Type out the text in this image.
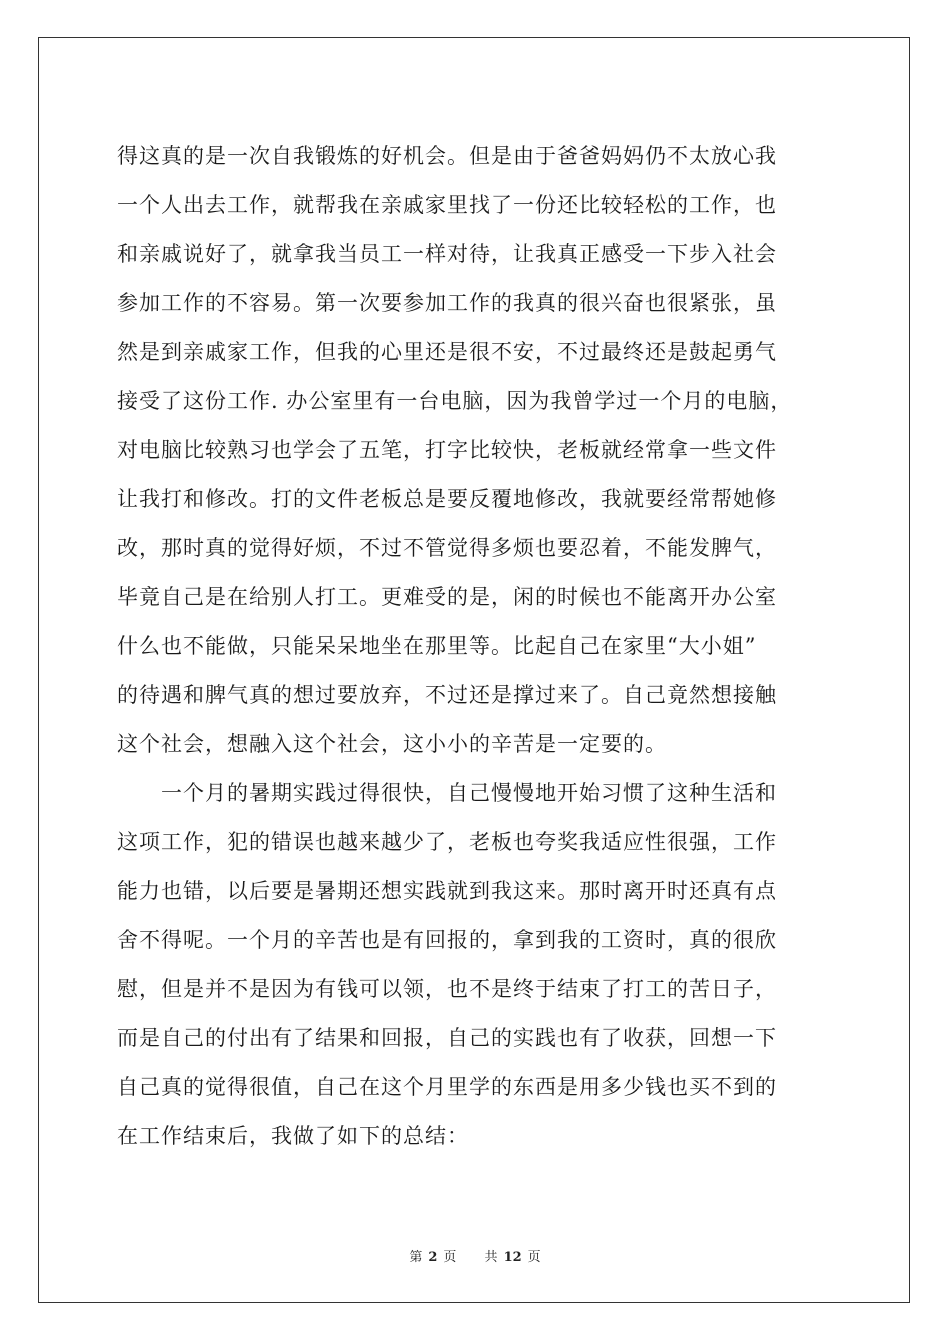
得这真的是一次自我锻炼的好机会。但是由于爸爸妈妈仍不太放心我
一个人出去工作，就帮我在亲戚家里找了一份还比较轻松的工作，也
和亲戚说好了，就拿我当员工一样对待，让我真正感受一下步入社会
参加工作的不容易。第一次要参加工作的我真的很兴奋也很紧张，虽
然是到亲戚家工作，但我的心里还是很不安，不过最终还是鼓起勇气
接受了这份工作. 办公室里有一台电脑，因为我曾学过一个月的电脑，
对电脑比较熟习也学会了五笔，打字比较快，老板就经常拿一些文件
让我打和修改。打的文件老板总是要反覆地修改，我就要经常帮她修
改，那时真的觉得好烦，不过不管觉得多烦也要忍着，不能发脾气，
毕竟自己是在给别人打工。更难受的是，闲的时候也不能离开办公室
什么也不能做，只能呆呆地坐在那里等。比起自己在家里“大小姐”
的待遇和脾气真的想过要放弃，不过还是撑过来了。自己竟然想接触
这个社会，想融入这个社会，这小小的辛苦是一定要的。
　　一个月的暑期实践过得很快，自己慢慢地开始习惯了这种生活和
这项工作，犯的错误也越来越少了，老板也夸奖我适应性很强，工作
能力也错，以后要是暑期还想实践就到我这来。那时离开时还真有点
舍不得呢。一个月的辛苦也是有回报的，拿到我的工资时，真的很欣
慰，但是并不是因为有钱可以领，也不是终于结束了打工的苦日子，
而是自己的付出有了结果和回报，自己的实践也有了收获，回想一下
自己真的觉得很值，自己在这个月里学的东西是用多少钱也买不到的
在工作结束后，我做了如下的总结：
第 2 页 共 12 页
